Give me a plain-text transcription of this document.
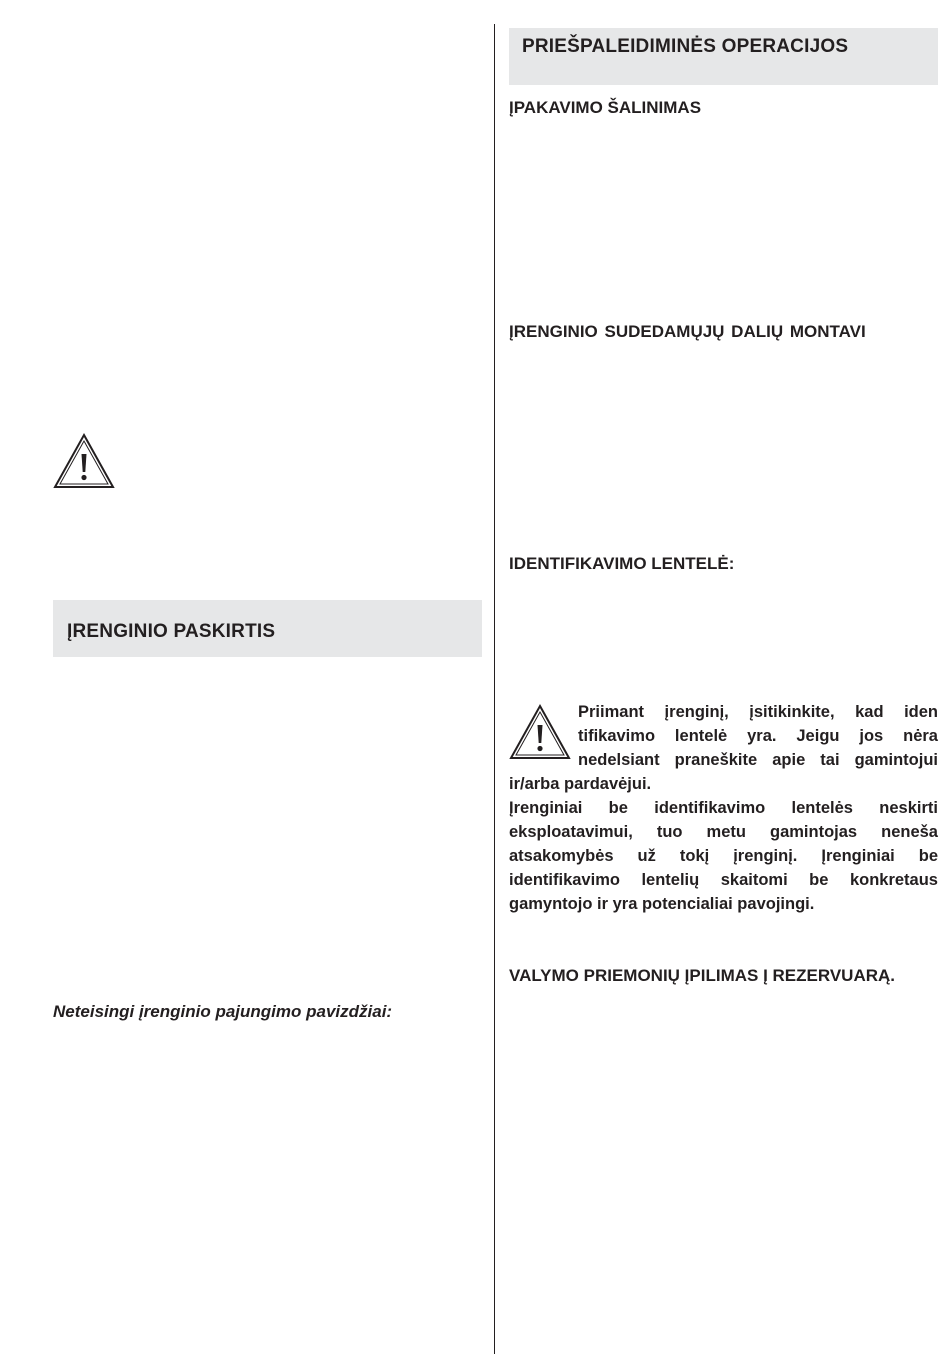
ĮRENGINIO PASKIRTIS
Neteisingi įrenginio pajungimo pavizdžiai:
PRIEŠPALEIDIMINĖS OPERACIJOS
ĮPAKAVIMO ŠALINIMAS
ĮRENGINIO SUDEDAMŲJŲ DALIŲ MONTAVI
IDENTIFIKAVIMO LENTELĖ:
Priimant įrenginį, įsitikinkite, kad iden
tifikavimo lentelė yra. Jeigu jos nėra
nedelsiant praneškite apie tai gamintojui
ir/arba pardavėjui.
Įrenginiai be identifikavimo lentelės neskirti
eksploatavimui, tuo metu gamintojas neneša
atsakomybės už tokį įrenginį. Įrenginiai be
identifikavimo lentelių skaitomi be konkretaus
gamyntojo ir yra potencialiai pavojingi.
VALYMO PRIEMONIŲ ĮPILIMAS Į REZERVUARĄ.
